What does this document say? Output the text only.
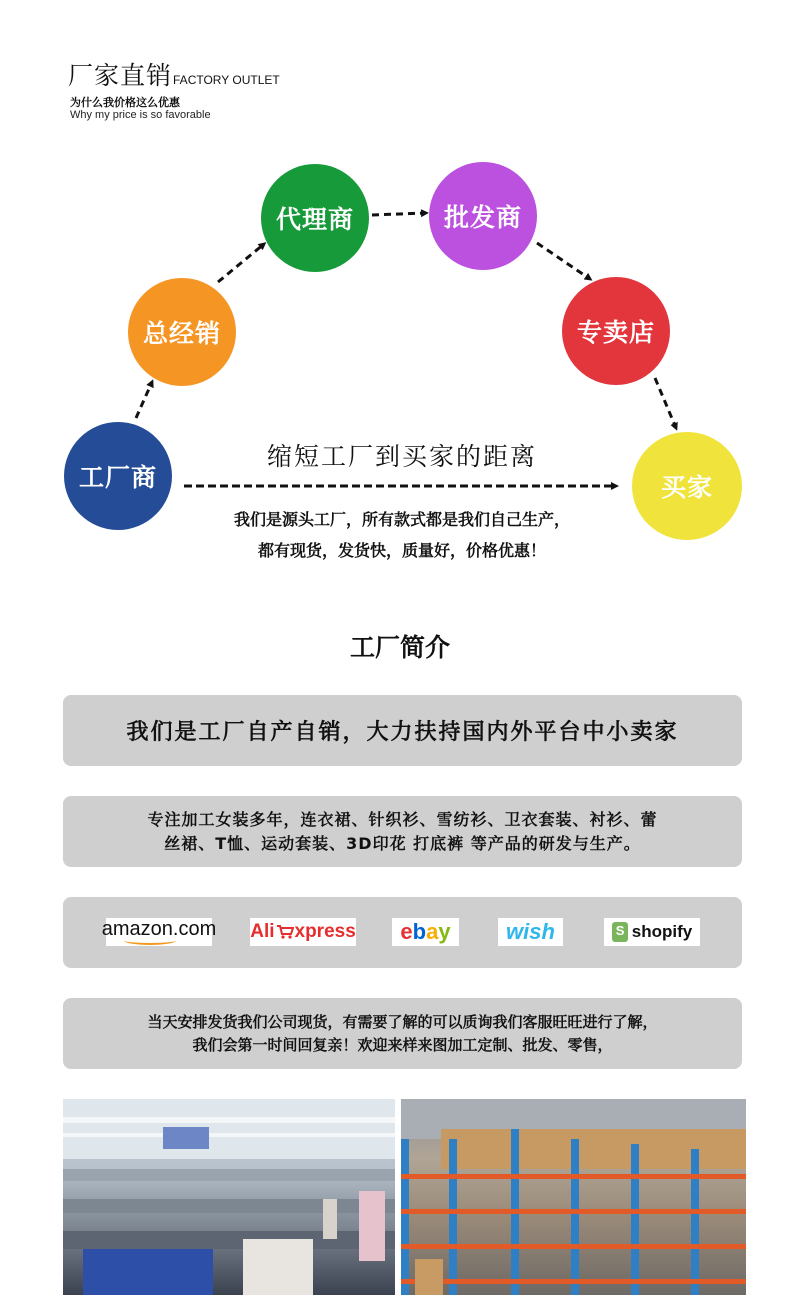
厂家直销FACTORY OUTLET
为什么我价格这么优惠
Why my price is so favorable
工厂商
总经销
代理商	批发商
专卖店
买家
缩短工厂到买家的距离
我们是源头工厂，所有款式都是我们自己生产，
都有现货，发货快，质量好，价格优惠！
工厂简介
我们是工厂自产自销，大力扶持国内外平台中小卖家
专注加工女装多年，连衣裙、针织衫、雪纺衫、卫衣套装、衬衫、蕾
丝裙、T恤、运动套装、3D印花 打底裤 等产品的研发与生产。
amazon.com Ali xpress e b a y	wish
S	shopify
当天安排发货我们公司现货，有需要了解的可以质询我们客服旺旺进行了解，
我们会第一时间回复亲！欢迎来样来图加工定制、批发、零售，
